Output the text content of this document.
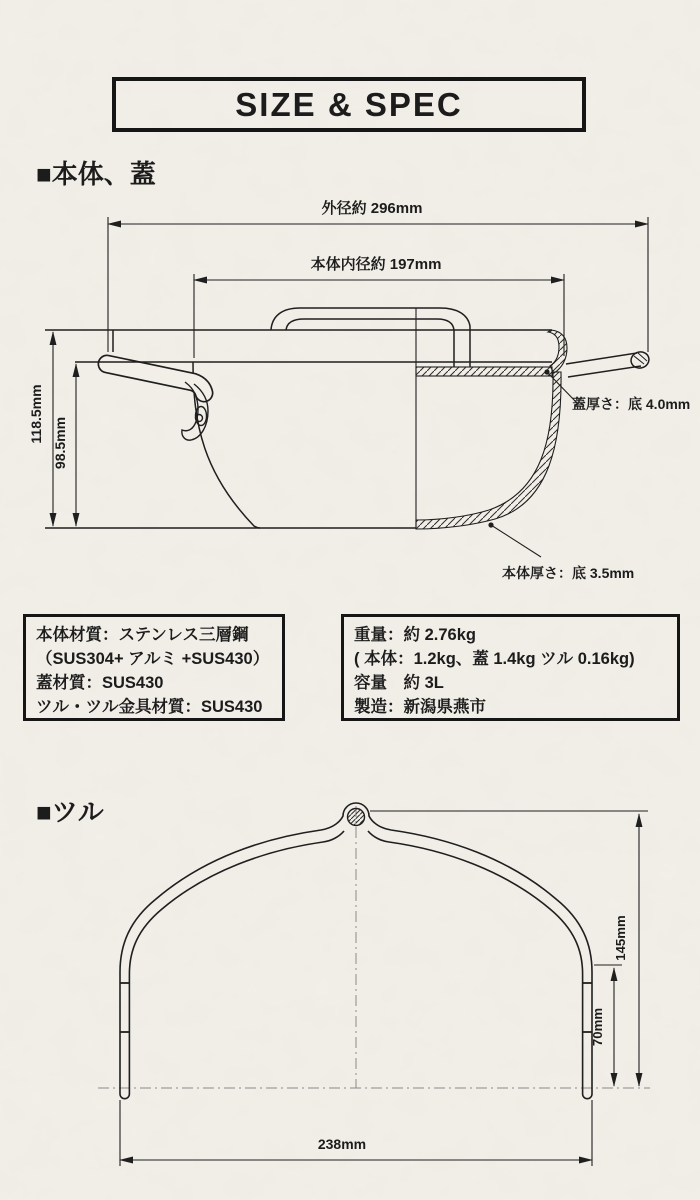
外径約 296mm
本体内径約 197mm
118.5mm 98.5mm
蓋厚さ：底 4.0mm
本体厚さ：底 3.5mm
145mm
70mm
238mm
SIZE & SPEC
■本体、蓋
■ツル
本体材質：ステンレス三層鋼
（SUS304+ アルミ +SUS430）
蓋材質：SUS430
ツル・ツル金具材質：SUS430
重量：約 2.76kg
( 本体：1.2kg、蓋 1.4kg ツル 0.16kg)
容量　約 3L
製造：新潟県燕市
